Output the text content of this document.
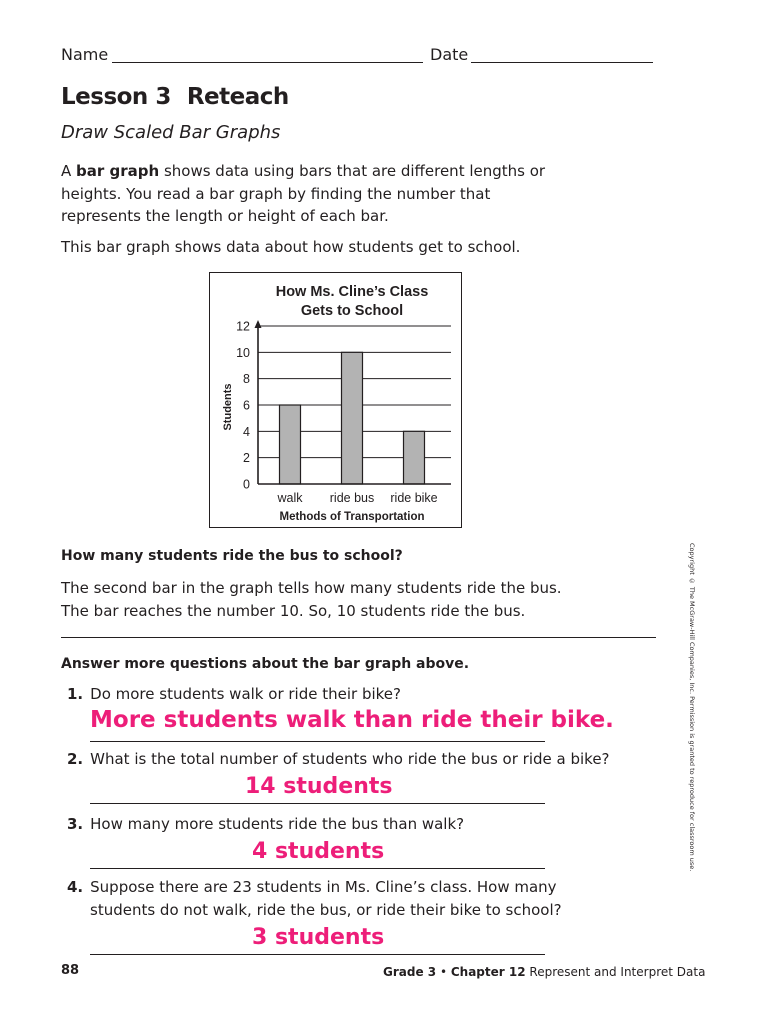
Name	Date
Lesson 3 Reteach
Draw Scaled Bar Graphs
A bar graph shows data using bars that are different lengths or
heights. You read a bar graph by finding the number that
represents the length or height of each bar.
This bar graph shows data about how students get to school.
How Ms. Cline’s Class
Gets to School
0
2
4
6
8
10
12
walk ride bus ride bike
Students
Methods of Transportation
How many students ride the bus to school?
The second bar in the graph tells how many students ride the bus.
The bar reaches the number 10. So, 10 students ride the bus.
Answer more questions about the bar graph above.
1. Do more students walk or ride their bike?
More students walk than ride their bike.
2. What is the total number of students who ride the bus or ride a bike?
14 students
3. How many more students ride the bus than walk?
4 students
4. Suppose there are 23 students in Ms. Cline’s class. How many
students do not walk, ride the bus, or ride their bike to school?
3 students
88	Grade 3 • Chapter 12 Represent and Interpret Data
Copyright © The McGraw-Hill Companies, Inc. Permission is granted to reproduce for classroom use.
